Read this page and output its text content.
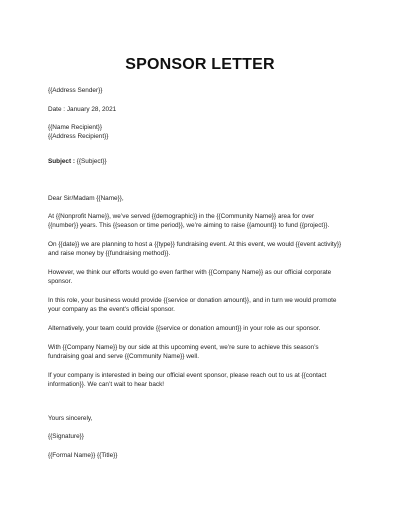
SPONSOR LETTER
{{Address Sender}}
Date : January 28, 2021
{{Name Recipient}}
{{Address Recipient}}
Subject : {{Subject}}
Dear Sir/Madam {{Name}},
At {{Nonprofit Name}}, we’ve served {{demographic}} in the {{Community Name}} area for over
{{number}} years. This {{season or time period}}, we’re aiming to raise {{amount}} to fund {{project}}.
On {{date}} we are planning to host a {{type}} fundraising event. At this event, we would {{event activity}}
and raise money by {{fundraising method}}.
However, we think our efforts would go even farther with {{Company Name}} as our official corporate
sponsor.
In this role, your business would provide {{service or donation amount}}, and in turn we would promote
your company as the event’s official sponsor.
Alternatively, your team could provide {{service or donation amount}} in your role as our sponsor.
With {{Company Name}} by our side at this upcoming event, we’re sure to achieve this season’s
fundraising goal and serve {{Community Name}} well.
If your company is interested in being our official event sponsor, please reach out to us at {{contact
information}}. We can’t wait to hear back!
Yours sincerely,
{{Signature}}
{{Formal Name}} {{Title}}
